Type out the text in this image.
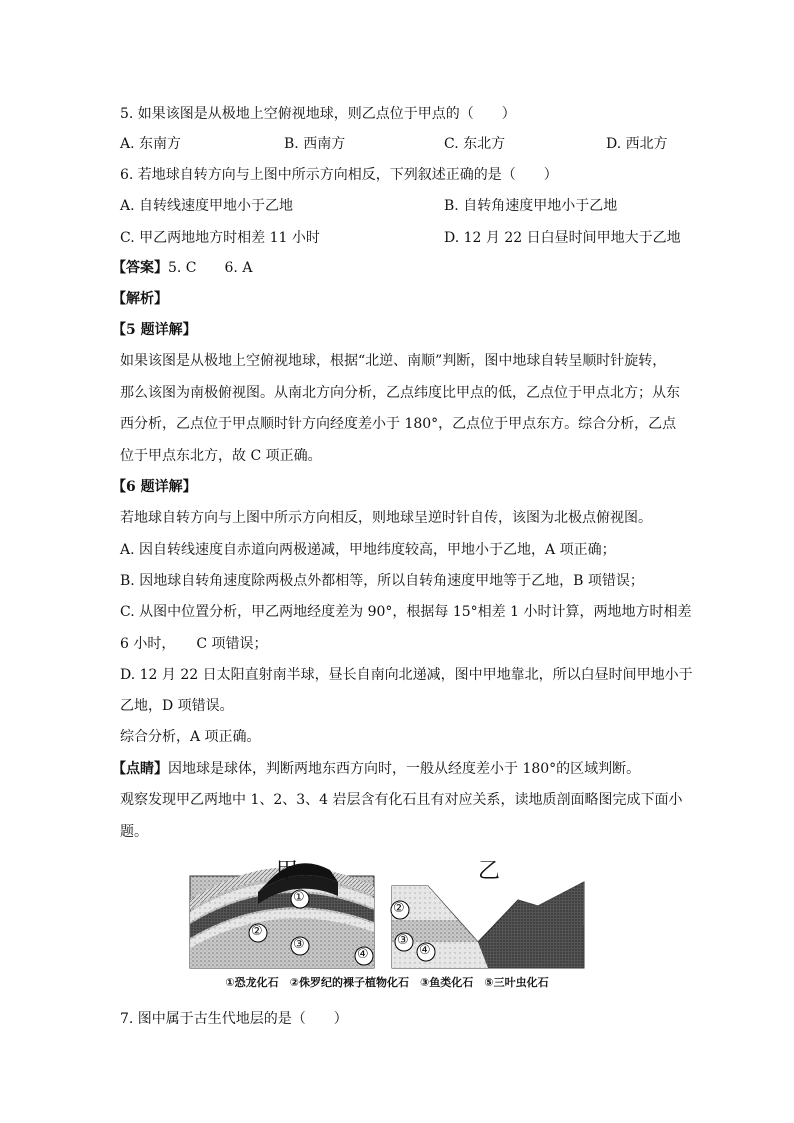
5. 如果该图是从极地上空俯视地球，则乙点位于甲点的（　　）
A. 东南方	B. 西南方	C. 东北方	D. 西北方
6. 若地球自转方向与上图中所示方向相反，下列叙述正确的是（　　）
A. 自转线速度甲地小于乙地	B. 自转角速度甲地小于乙地
C. 甲乙两地地方时相差 11 小时	D. 12 月 22 日白昼时间甲地大于乙地
【答案】5. C　　6. A
【解析】
【5 题详解】
如果该图是从极地上空俯视地球，根据“北逆、南顺”判断，图中地球自转呈顺时针旋转，
那么该图为南极俯视图。从南北方向分析，乙点纬度比甲点的低，乙点位于甲点北方；从东
西分析，乙点位于甲点顺时针方向经度差小于 180°，乙点位于甲点东方。综合分析，乙点
位于甲点东北方，故 C 项正确。
【6 题详解】
若地球自转方向与上图中所示方向相反，则地球呈逆时针自传，该图为北极点俯视图。
A. 因自转线速度自赤道向两极递减，甲地纬度较高，甲地小于乙地，A 项正确；
B. 因地球自转角速度除两极点外都相等，所以自转角速度甲地等于乙地，B 项错误；
C. 从图中位置分析，甲乙两地经度差为 90°，根据每 15°相差 1 小时计算，两地地方时相差
6 小时，　　C 项错误；
D. 12 月 22 日太阳直射南半球，昼长自南向北递减，图中甲地靠北，所以白昼时间甲地小于
乙地，D 项错误。
综合分析，A 项正确。
【点睛】因地球是球体，判断两地东西方向时，一般从经度差小于 180°的区域判断。
观察发现甲乙两地中 1、2、3、4 岩层含有化石且有对应关系，读地质剖面略图完成下面小
题。
甲	乙
①
②
③
④
②
③
④
①恐龙化石　②侏罗纪的裸子植物化石　③鱼类化石　⑤三叶虫化石
7. 图中属于古生代地层的是（　　）
